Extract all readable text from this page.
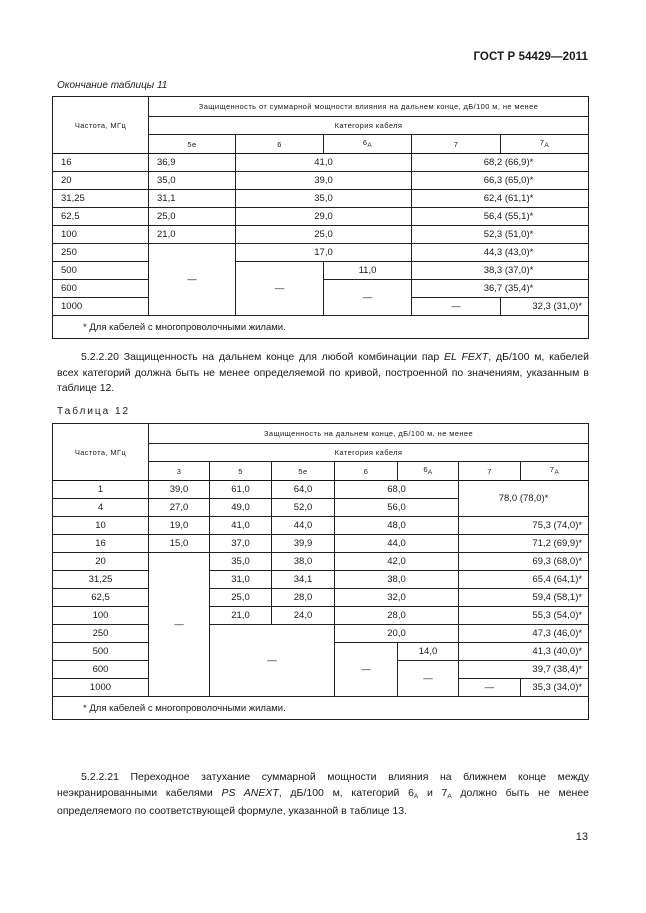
ГОСТ Р 54429—2011
Окончание таблицы 11
Частота, МГц	Защищенность от суммарной мощности влияния на дальнем конце, дБ/100 м, не менее				
	Категория кабеля				
	5e	6	$6_A$	7	$7_A$
16	36,9	41,0		68,2 (66,9)*	
20	35,0	39,0		66,3 (65,0)*	
31,25	31,1	35,0		62,4 (61,1)*	
62,5	25,0	29,0		56,4 (55,1)*	
100	21,0	25,0		52,3 (51,0)*	
250	—	17,0		44,3 (43,0)*	
500		—	11,0	38,3 (37,0)*	
600			—	36,7 (35,4)*	
1000				—	32,3 (31,0)*
* Для кабелей с многопроволочными жилами.					

5.2.2.20 Защищенность на дальнем конце для любой комбинации пар EL FEXT, дБ/100 м, кабелей всех категорий должна быть не менее определяемой по кривой, построенной по значениям, указанным в таблице 12.

Таблица 12
Частота, МГц	Защищенность на дальнем конце, дБ/100 м, не менее						
	Категория кабеля						
	3	5	5e	6	$6_A$	7	$7_A$
1	39,0	61,0	64,0	68,0		78,0 (78,0)*	
4	27,0	49,0	52,0	56,0			
10	19,0	41,0	44,0	48,0		75,3 (74,0)*	
16	15,0	37,0	39,9	44,0		71,2 (69,9)*	
20	—	35,0	38,0	42,0		69,3 (68,0)*	
31,25		31,0	34,1	38,0		65,4 (64,1)*	
62,5		25,0	28,0	32,0		59,4 (58,1)*	
100		21,0	24,0	28,0		55,3 (54,0)*	
250		—		20,0		47,3 (46,0)*	
500				—	14,0	41,3 (40,0)*	
600					—	39,7 (38,4)*	
1000						—	35,3 (34,0)*
* Для кабелей с многопроволочными жилами.							

5.2.2.21 Переходное затухание суммарной мощности влияния на ближнем конце между неэкранированными кабелями PS ANEXT, дБ/100 м, категорий $6_A$ и $7_A$ должно быть не менее определяемого по соответствующей формуле, указанной в таблице 13.

13
